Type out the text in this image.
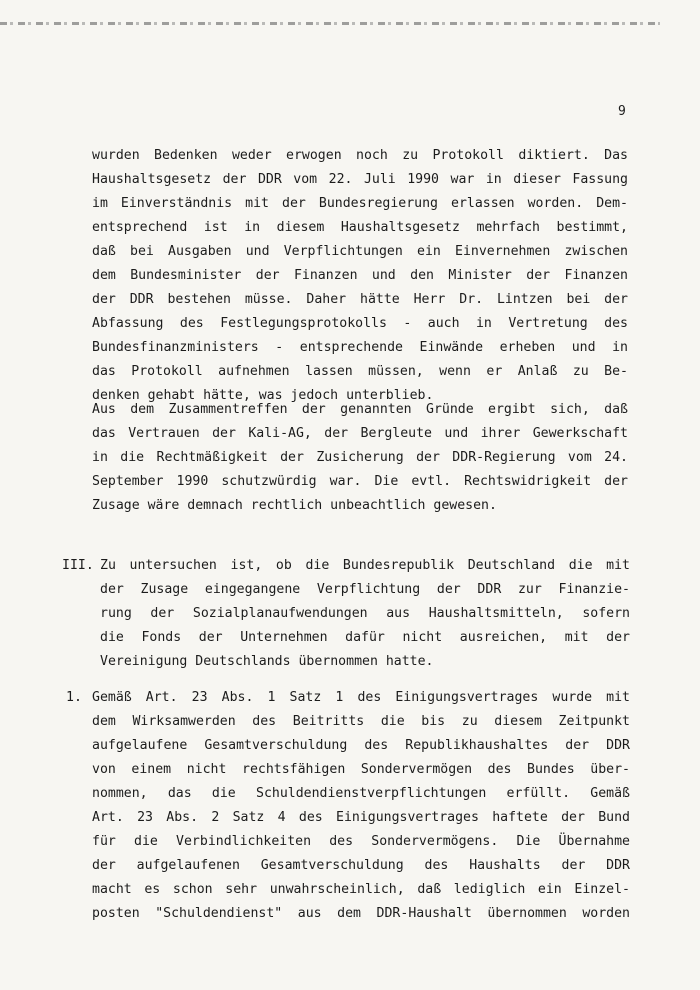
9
wurden Bedenken weder erwogen noch zu Protokoll diktiert. Das
Haushaltsgesetz der DDR vom 22. Juli 1990 war in dieser Fassung
im Einverständnis mit der Bundesregierung erlassen worden. Dem-
entsprechend ist in diesem Haushaltsgesetz mehrfach bestimmt,
daß bei Ausgaben und Verpflichtungen ein Einvernehmen zwischen
dem Bundesminister der Finanzen und den Minister der Finanzen
der DDR bestehen müsse. Daher hätte Herr Dr. Lintzen bei der
Abfassung des Festlegungsprotokolls - auch in Vertretung des
Bundesfinanzministers - entsprechende Einwände erheben und in
das Protokoll aufnehmen lassen müssen, wenn er Anlaß zu Be-
denken gehabt hätte, was jedoch unterblieb.
Aus dem Zusammentreffen der genannten Gründe ergibt sich, daß
das Vertrauen der Kali-AG, der Bergleute und ihrer Gewerkschaft
in die Rechtmäßigkeit der Zusicherung der DDR-Regierung vom 24.
September 1990 schutzwürdig war. Die evtl. Rechtswidrigkeit der
Zusage wäre demnach rechtlich unbeachtlich gewesen.
III. Zu untersuchen ist, ob die Bundesrepublik Deutschland die mit
der Zusage eingegangene Verpflichtung der DDR zur Finanzie-
rung der Sozialplanaufwendungen aus Haushaltsmitteln, sofern
die Fonds der Unternehmen dafür nicht ausreichen, mit der
Vereinigung Deutschlands übernommen hatte.
1. Gemäß Art. 23 Abs. 1 Satz 1 des Einigungsvertrages wurde mit
dem Wirksamwerden des Beitritts die bis zu diesem Zeitpunkt
aufgelaufene Gesamtverschuldung des Republikhaushaltes der DDR
von einem nicht rechtsfähigen Sondervermögen des Bundes über-
nommen, das die Schuldendienstverpflichtungen erfüllt. Gemäß
Art. 23 Abs. 2 Satz 4 des Einigungsvertrages haftete der Bund
für die Verbindlichkeiten des Sondervermögens. Die Übernahme
der aufgelaufenen Gesamtverschuldung des Haushalts der DDR
macht es schon sehr unwahrscheinlich, daß lediglich ein Einzel-
posten "Schuldendienst" aus dem DDR-Haushalt übernommen worden
